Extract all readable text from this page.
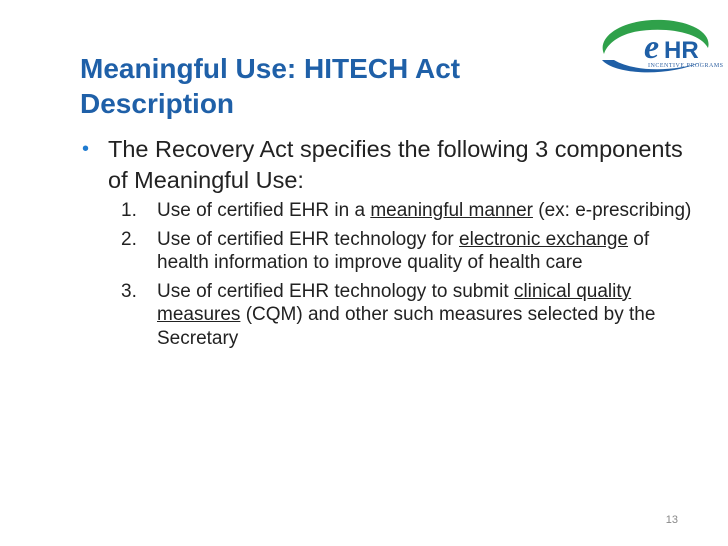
e HR
INCENTIVE PROGRAMS
Meaningful Use: HITECH Act
Description
• The Recovery Act specifies the following 3 components of Meaningful Use:
1. Use of certified EHR in a meaningful manner (ex: e-prescribing)
2. Use of certified EHR technology for electronic exchange of health information to improve quality of health care
3. Use of certified EHR technology to submit clinical quality measures (CQM) and other such measures selected by the Secretary
13
